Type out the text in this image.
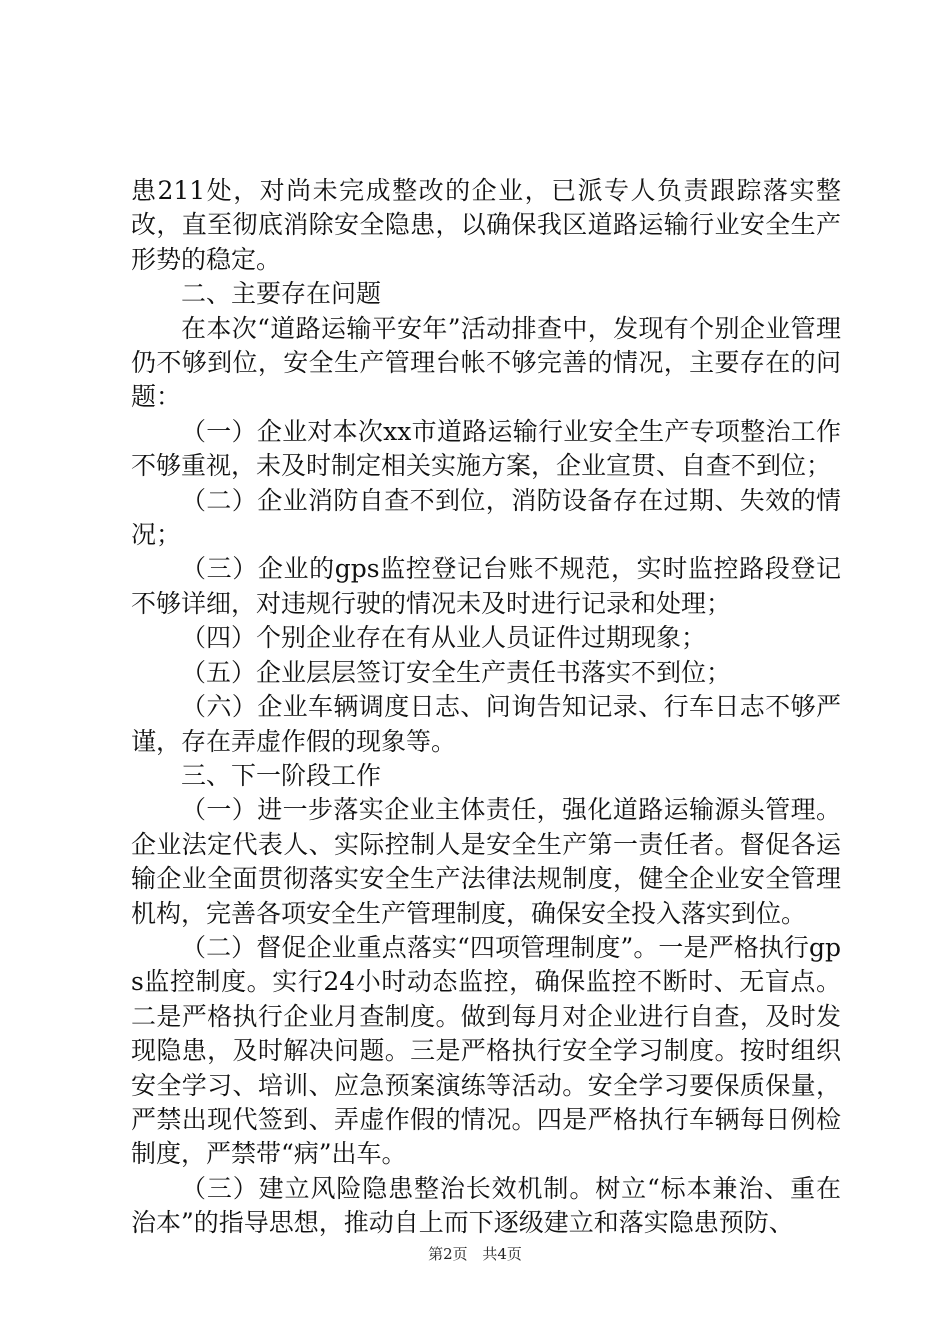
患211处，对尚未完成整改的企业，已派专人负责跟踪落实整改，直至彻底消除安全隐患，以确保我区道路运输行业安全生产形势的稳定。

二、主要存在问题

在本次“道路运输平安年”活动排查中，发现有个别企业管理仍不够到位，安全生产管理台帐不够完善的情况，主要存在的问题：

（一）企业对本次xx市道路运输行业安全生产专项整治工作不够重视，未及时制定相关实施方案，企业宣贯、自查不到位；

（二）企业消防自查不到位，消防设备存在过期、失效的情况；

（三）企业的gps监控登记台账不规范，实时监控路段登记不够详细，对违规行驶的情况未及时进行记录和处理；

（四）个别企业存在有从业人员证件过期现象；

（五）企业层层签订安全生产责任书落实不到位；

（六）企业车辆调度日志、问询告知记录、行车日志不够严谨，存在弄虚作假的现象等。

三、下一阶段工作

（一）进一步落实企业主体责任，强化道路运输源头管理。企业法定代表人、实际控制人是安全生产第一责任者。督促各运输企业全面贯彻落实安全生产法律法规制度，健全企业安全管理机构，完善各项安全生产管理制度，确保安全投入落实到位。

（二）督促企业重点落实“四项管理制度”。一是严格执行gps监控制度。实行24小时动态监控，确保监控不断时、无盲点。二是严格执行企业月查制度。做到每月对企业进行自查，及时发现隐患，及时解决问题。三是严格执行安全学习制度。按时组织安全学习、培训、应急预案演练等活动。安全学习要保质保量，严禁出现代签到、弄虚作假的情况。四是严格执行车辆每日例检制度，严禁带“病”出车。

（三）建立风险隐患整治长效机制。树立“标本兼治、重在治本”的指导思想，推动自上而下逐级建立和落实隐患预防、

第2页 共4页
